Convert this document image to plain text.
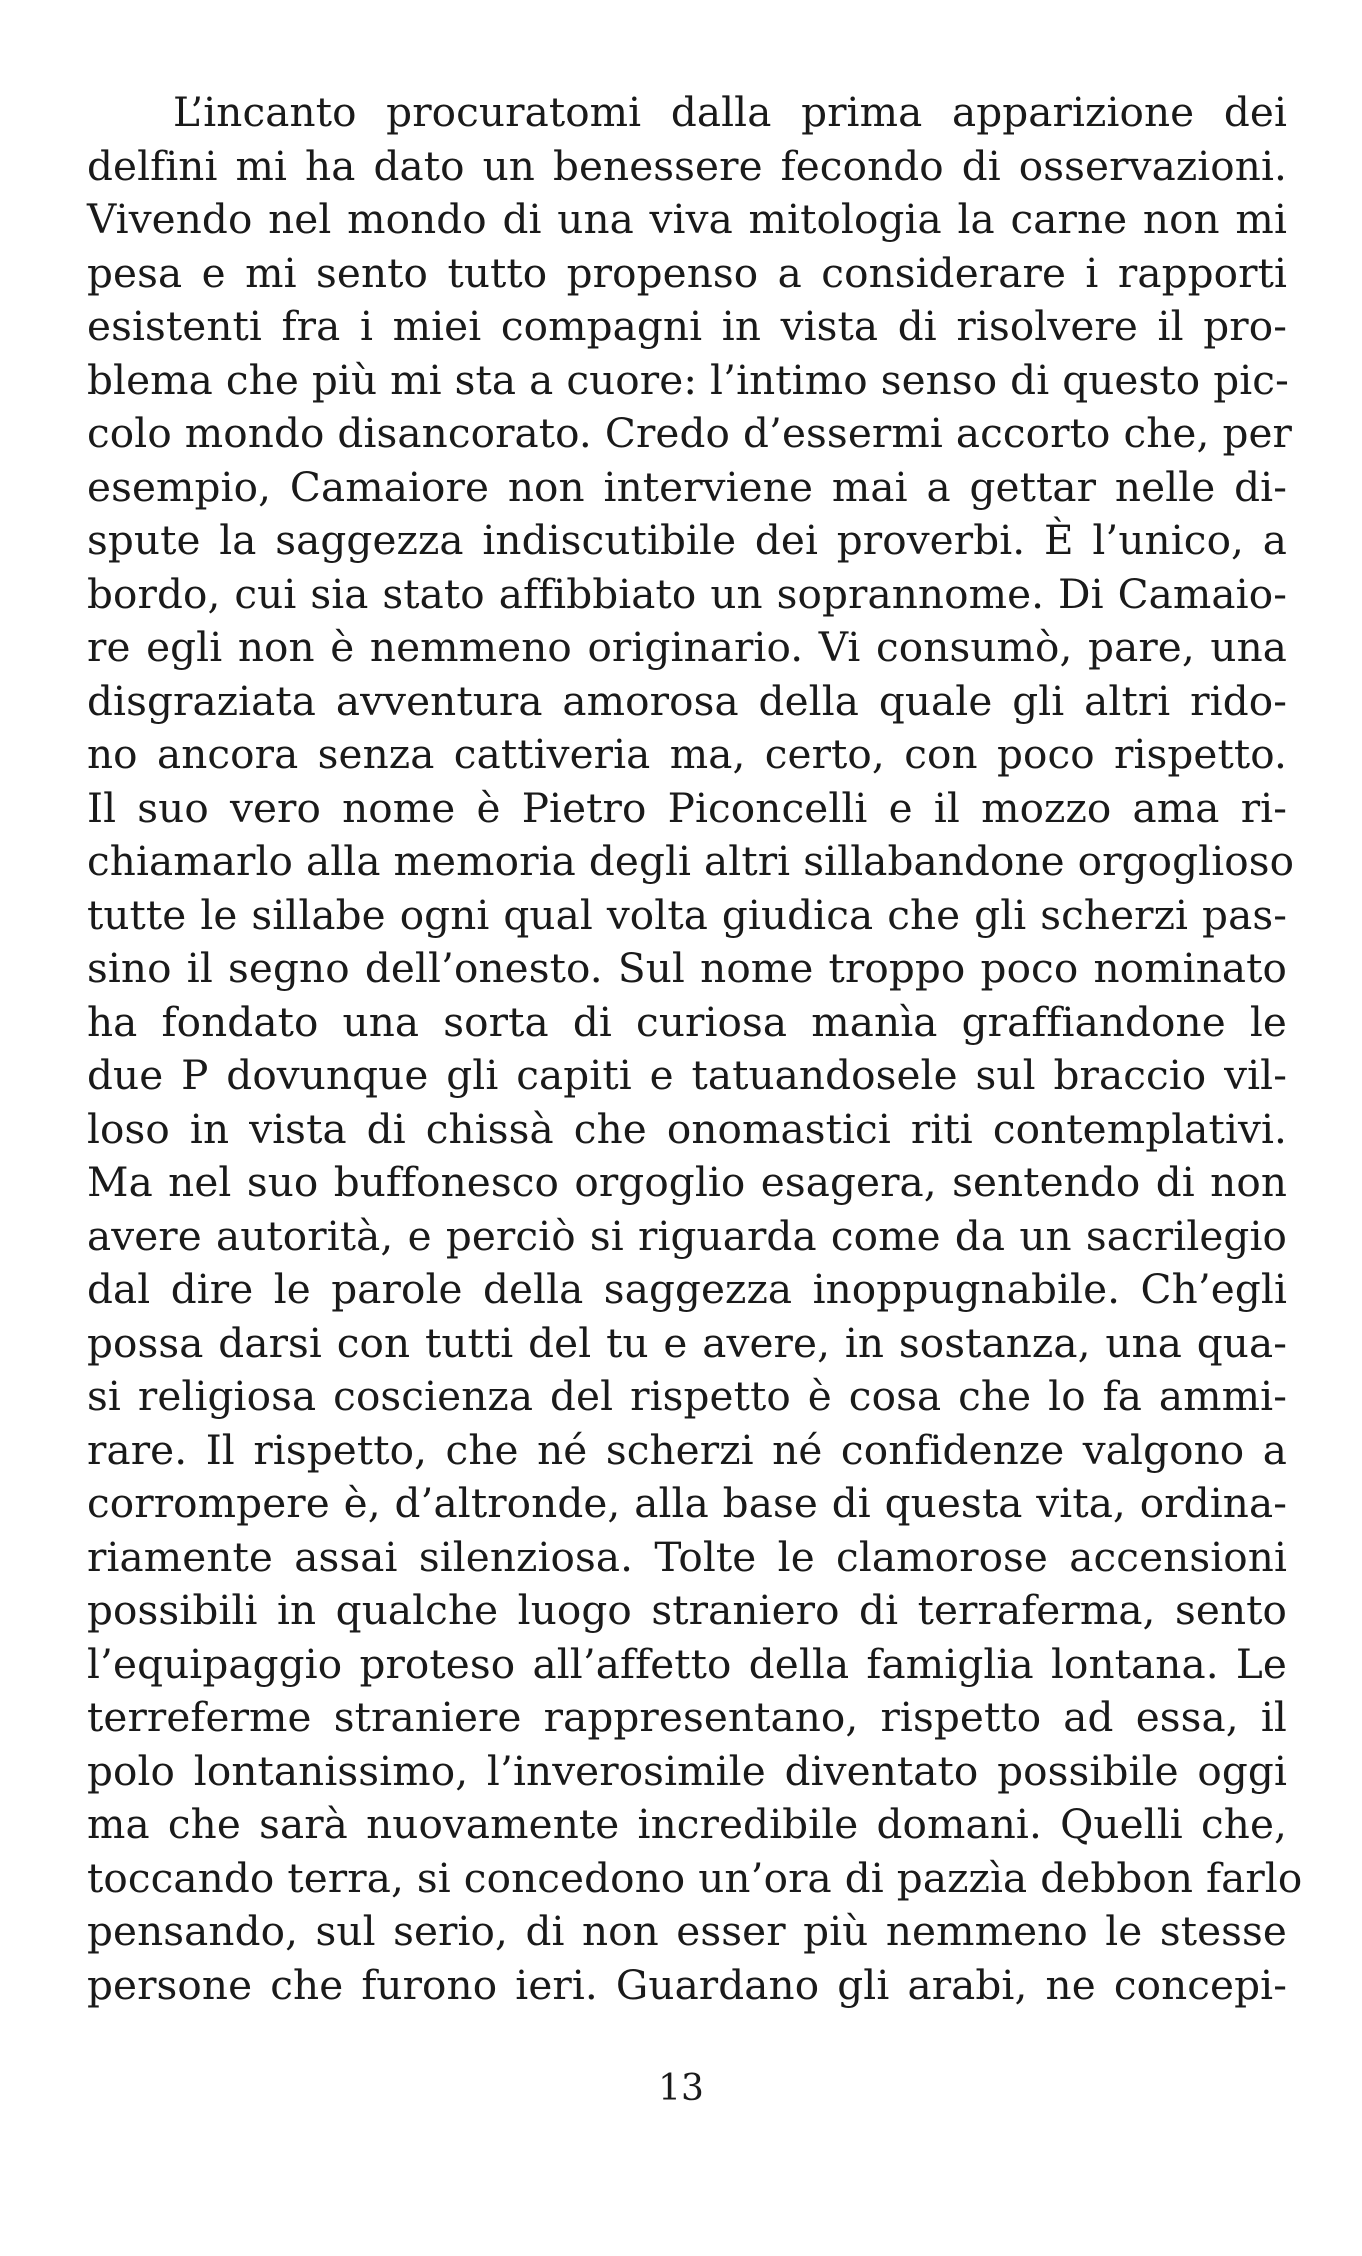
L’incanto procuratomi dalla prima apparizione dei
delfini mi ha dato un benessere fecondo di osservazioni.
Vivendo nel mondo di una viva mitologia la carne non mi
pesa e mi sento tutto propenso a considerare i rapporti
esistenti fra i miei compagni in vista di risolvere il pro-
blema che più mi sta a cuore: l’intimo senso di questo pic-
colo mondo disancorato. Credo d’essermi accorto che, per
esempio, Camaiore non interviene mai a gettar nelle di-
spute la saggezza indiscutibile dei proverbi. È l’unico, a
bordo, cui sia stato affibbiato un soprannome. Di Camaio-
re egli non è nemmeno originario. Vi consumò, pare, una
disgraziata avventura amorosa della quale gli altri rido-
no ancora senza cattiveria ma, certo, con poco rispetto.
Il suo vero nome è Pietro Piconcelli e il mozzo ama ri-
chiamarlo alla memoria degli altri sillabandone orgoglioso
tutte le sillabe ogni qual volta giudica che gli scherzi pas-
sino il segno dell’onesto. Sul nome troppo poco nominato
ha fondato una sorta di curiosa manìa graffiandone le
due P dovunque gli capiti e tatuandosele sul braccio vil-
loso in vista di chissà che onomastici riti contemplativi.
Ma nel suo buffonesco orgoglio esagera, sentendo di non
avere autorità, e perciò si riguarda come da un sacrilegio
dal dire le parole della saggezza inoppugnabile. Ch’egli
possa darsi con tutti del tu e avere, in sostanza, una qua-
si religiosa coscienza del rispetto è cosa che lo fa ammi-
rare. Il rispetto, che né scherzi né confidenze valgono a
corrompere è, d’altronde, alla base di questa vita, ordina-
riamente assai silenziosa. Tolte le clamorose accensioni
possibili in qualche luogo straniero di terraferma, sento
l’equipaggio proteso all’affetto della famiglia lontana. Le
terreferme straniere rappresentano, rispetto ad essa, il
polo lontanissimo, l’inverosimile diventato possibile oggi
ma che sarà nuovamente incredibile domani. Quelli che,
toccando terra, si concedono un’ora di pazzìa debbon farlo
pensando, sul serio, di non esser più nemmeno le stesse
persone che furono ieri. Guardano gli arabi, ne concepi-
13
